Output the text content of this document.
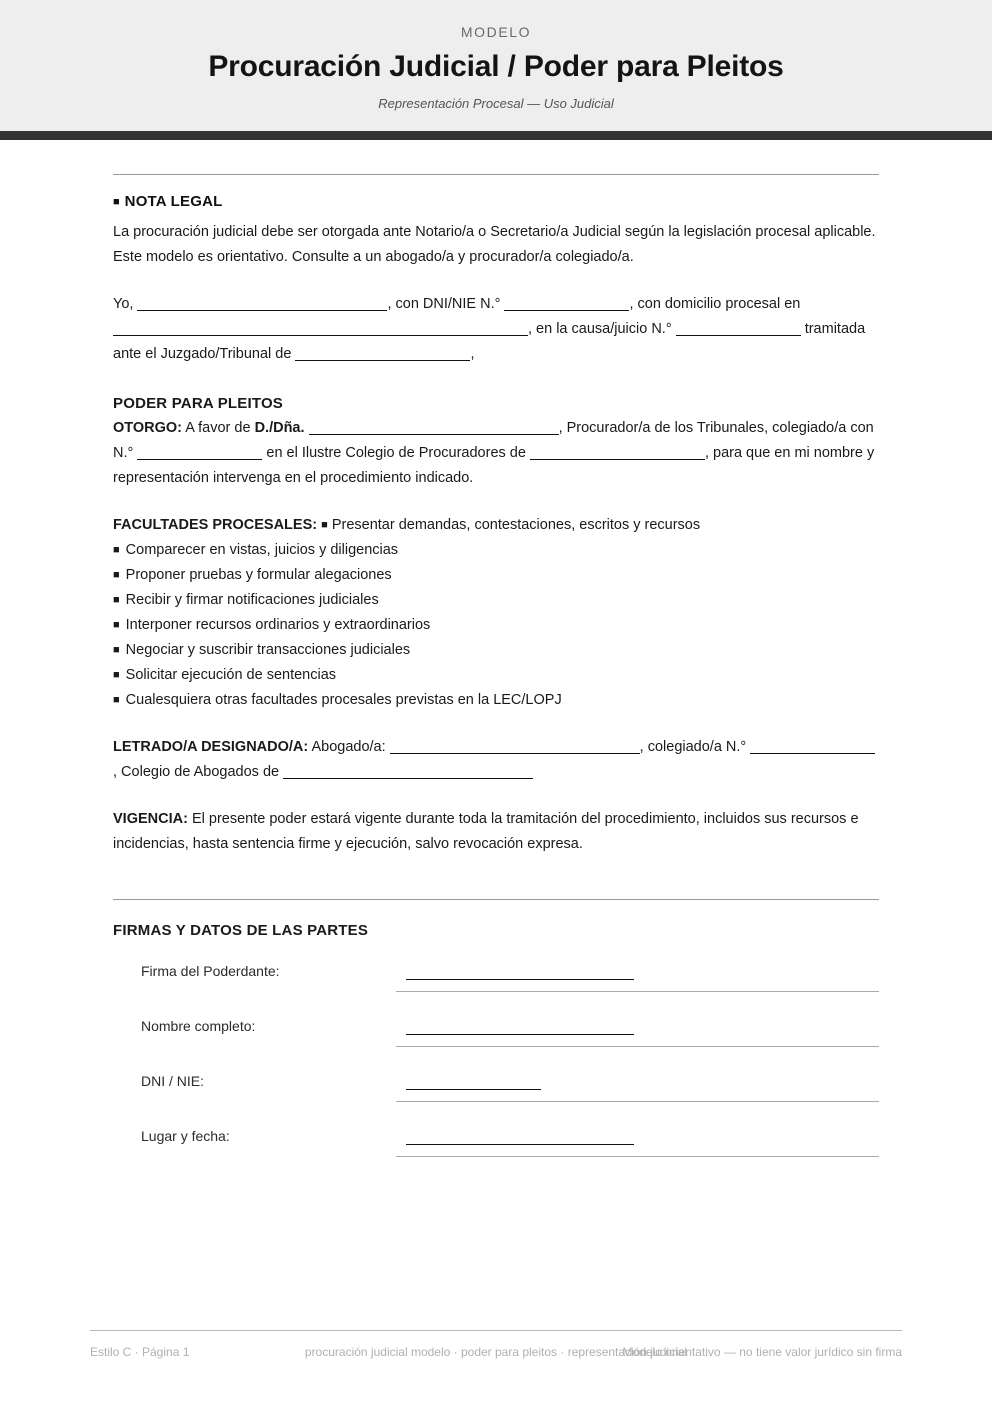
MODELO
Procuración Judicial / Poder para Pleitos
Representación Procesal — Uso Judicial
■ NOTA LEGAL

La procuración judicial debe ser otorgada ante Notario/a o Secretario/a Judicial según la legislación procesal aplicable. Este modelo es orientativo. Consulte a un abogado/a y procurador/a colegiado/a.

Yo,	, con DNI/NIE N.°	, con domicilio procesal en , en la causa/juicio N.°	tramitada ante el Juzgado/Tribunal de	,
PODER PARA PLEITOS
OTORGO: A favor de D./Dña.	, Procurador/a de los Tribunales, colegiado/a con N.°	en el Ilustre Colegio de Procuradores de	, para que en mi nombre y representación intervenga en el procedimiento indicado.
FACULTADES PROCESALES: ■ Presentar demandas, contestaciones, escritos y recursos
■ Comparecer en vistas, juicios y diligencias
■ Proponer pruebas y formular alegaciones
■ Recibir y firmar notificaciones judiciales
■ Interponer recursos ordinarios y extraordinarios
■ Negociar y suscribir transacciones judiciales
■ Solicitar ejecución de sentencias
■ Cualesquiera otras facultades procesales previstas en la LEC/LOPJ
LETRADO/A DESIGNADO/A: Abogado/a:	, colegiado/a N.° , Colegio de Abogados de
VIGENCIA: El presente poder estará vigente durante toda la tramitación del procedimiento, incluidos sus recursos e incidencias, hasta sentencia firme y ejecución, salvo revocación expresa.
FIRMAS Y DATOS DE LAS PARTES
Firma del Poderdante:
Nombre completo:
DNI / NIE:
Lugar y fecha:
Estilo C · Página 1	procuración judicial modelo · poder para pleitos · representación judicial
Modelo orientativo — no tiene valor jurídico sin firma
